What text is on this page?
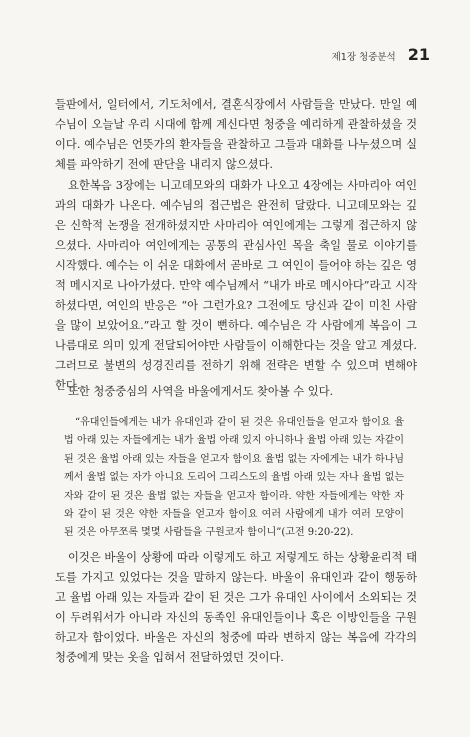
제1장 청중분석 21

들판에서, 일터에서, 기도처에서, 결혼식장에서 사람들을 만났다. 만일 예수님이 오늘날 우리 시대에 함께 계신다면 청중을 예리하게 관찰하셨을 것이다. 예수님은 언뜻가의 환자들을 관찰하고 그들과 대화를 나누셨으며 실체를 파악하기 전에 판단을 내리지 않으셨다.

요한복음 3장에는 니고데모와의 대화가 나오고 4장에는 사마리아 여인과의 대화가 나온다. 예수님의 접근법은 완전히 달랐다. 니고데모와는 깊은 신학적 논쟁을 전개하셨지만 사마리아 여인에게는 그렇게 접근하지 않으셨다. 사마리아 여인에게는 공통의 관심사인 목을 축일 물로 이야기를 시작했다. 예수는 이 쉬운 대화에서 곧바로 그 여인이 들어야 하는 깊은 영적 메시지로 나아가셨다. 만약 예수님께서 “내가 바로 메시아다”라고 시작하셨다면, 여인의 반응은 “아 그런가요? 그전에도 당신과 같이 미친 사람을 많이 보았어요.”라고 할 것이 뻔하다. 예수님은 각 사람에게 복음이 그 나름대로 의미 있게 전달되어야만 사람들이 이해한다는 것을 알고 계셨다. 그러므로 불변의 성경진리를 전하기 위해 전략은 변할 수 있으며 변해야 한다.

또한 청중중심의 사역을 바울에게서도 찾아볼 수 있다.

“유대인들에게는 내가 유대인과 같이 된 것은 유대인들을 얻고자 함이요 율법 아래 있는 자들에게는 내가 율법 아래 있지 아니하나 율법 아래 있는 자같이 된 것은 율법 아래 있는 자들을 얻고자 함이요 율법 없는 자에게는 내가 하나님께서 율법 없는 자가 아니요 도리어 그리스도의 율법 아래 있는 자나 율법 없는 자와 같이 된 것은 율법 없는 자들을 얻고자 함이라. 약한 자들에게는 약한 자와 같이 된 것은 약한 자들을 얻고자 함이요 여러 사람에게 내가 여러 모양이 된 것은 아무쪼록 몇몇 사람들을 구원코자 함이니”(고전 9:20-22).

이것은 바울이 상황에 따라 이렇게도 하고 저렇게도 하는 상황윤리적 태도를 가지고 있었다는 것을 말하지 않는다. 바울이 유대인과 같이 행동하고 율법 아래 있는 자들과 같이 된 것은 그가 유대인 사이에서 소외되는 것이 두려워서가 아니라 자신의 동족인 유대인들이나 혹은 이방인들을 구원하고자 함이었다. 바울은 자신의 청중에 따라 변하지 않는 복음에 각각의 청중에게 맞는 옷을 입혀서 전달하였던 것이다.
